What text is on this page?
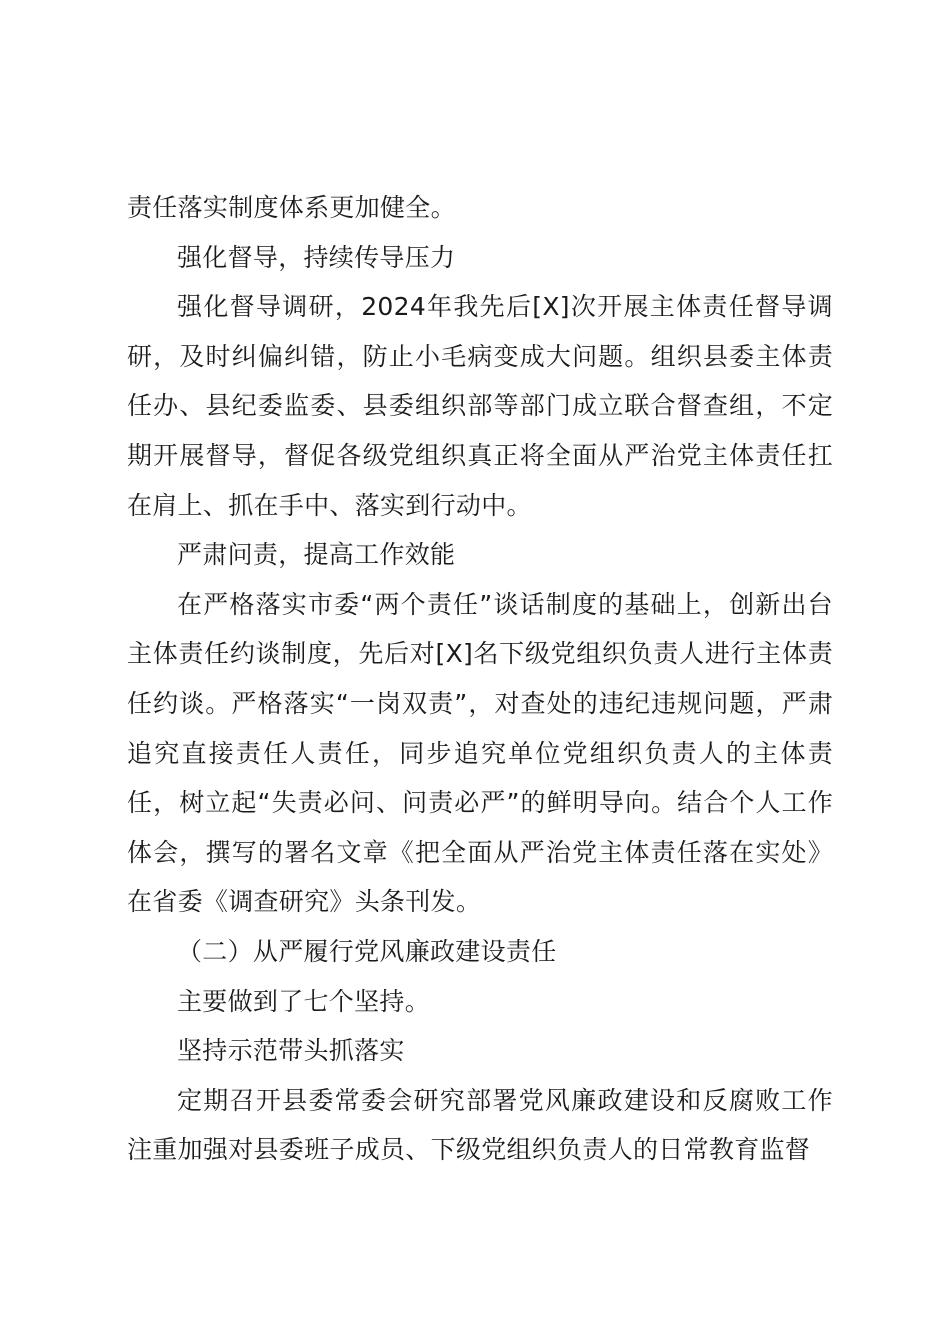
责任落实制度体系更加健全。

强化督导，持续传导压力

强化督导调研，2024年我先后[X]次开展主体责任督导调研，及时纠偏纠错，防止小毛病变成大问题。组织县委主体责任办、县纪委监委、县委组织部等部门成立联合督查组，不定期开展督导，督促各级党组织真正将全面从严治党主体责任扛在肩上、抓在手中、落实到行动中。

严肃问责，提高工作效能

在严格落实市委“两个责任”谈话制度的基础上，创新出台主体责任约谈制度，先后对[X]名下级党组织负责人进行主体责任约谈。严格落实“一岗双责”，对查处的违纪违规问题，严肃追究直接责任人责任，同步追究单位党组织负责人的主体责任，树立起“失责必问、问责必严”的鲜明导向。结合个人工作体会，撰写的署名文章《把全面从严治党主体责任落在实处》在省委《调查研究》头条刊发。

（二）从严履行党风廉政建设责任

主要做到了七个坚持。

坚持示范带头抓落实

定期召开县委常委会研究部署党风廉政建设和反腐败工作注重加强对县委班子成员、下级党组织负责人的日常教育监督
